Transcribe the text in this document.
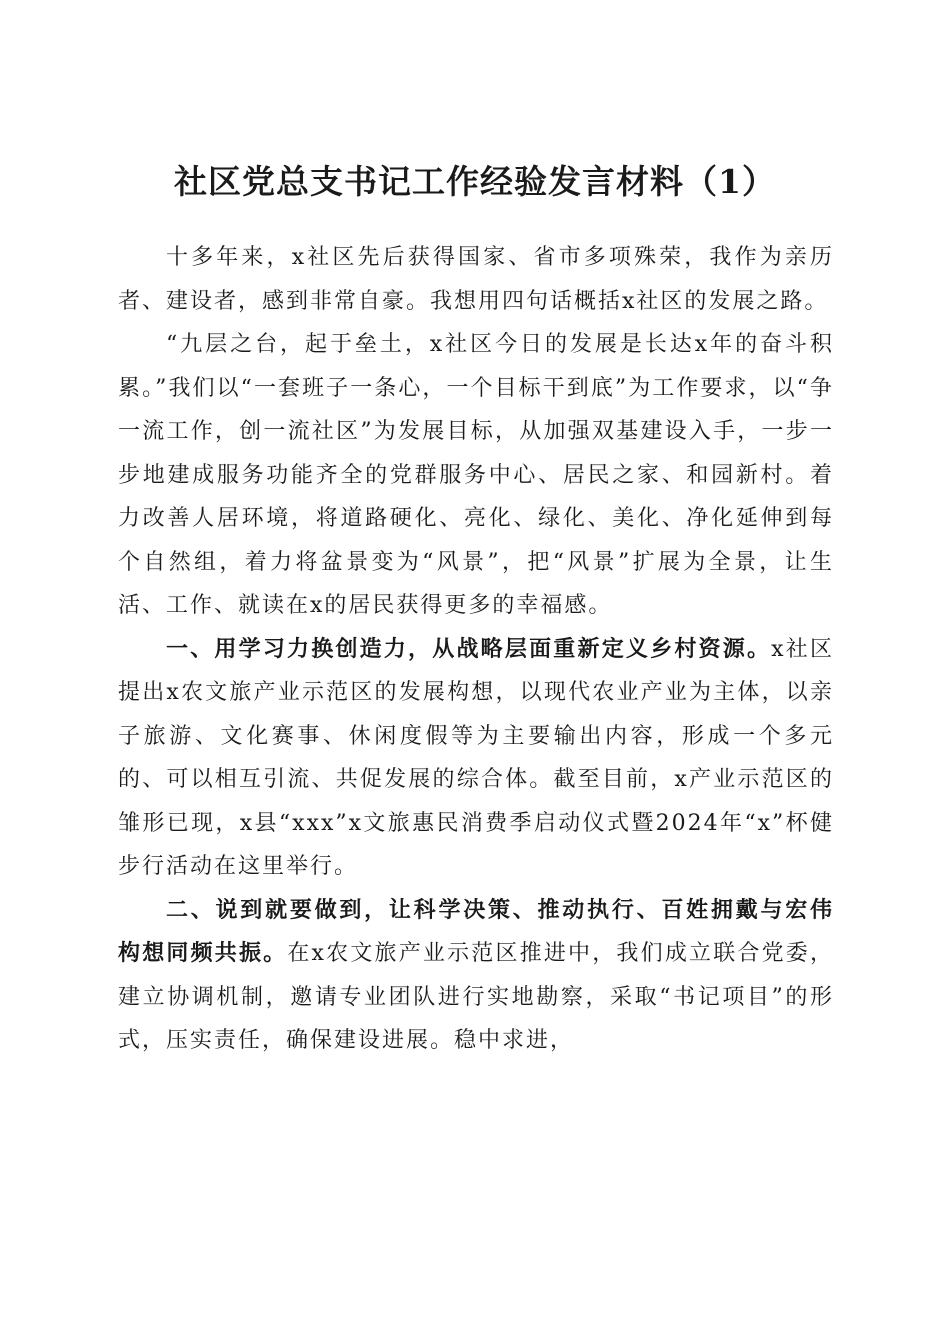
社区党总支书记工作经验发言材料（1）

十多年来，x社区先后获得国家、省市多项殊荣，我作为亲历者、建设者，感到非常自豪。我想用四句话概括x社区的发展之路。

“九层之台，起于垒土，x社区今日的发展是长达x年的奋斗积累。”我们以“一套班子一条心，一个目标干到底”为工作要求，以“争一流工作，创一流社区”为发展目标，从加强双基建设入手，一步一步地建成服务功能齐全的党群服务中心、居民之家、和园新村。着力改善人居环境，将道路硬化、亮化、绿化、美化、净化延伸到每个自然组，着力将盆景变为“风景”，把“风景”扩展为全景，让生活、工作、就读在x的居民获得更多的幸福感。

一、用学习力换创造力，从战略层面重新定义乡村资源。x社区提出x农文旅产业示范区的发展构想，以现代农业产业为主体，以亲子旅游、文化赛事、休闲度假等为主要输出内容，形成一个多元的、可以相互引流、共促发展的综合体。截至目前，x产业示范区的雏形已现，x县“xxx”x文旅惠民消费季启动仪式暨2024年“x”杯健步行活动在这里举行。

二、说到就要做到，让科学决策、推动执行、百姓拥戴与宏伟构想同频共振。在x农文旅产业示范区推进中，我们成立联合党委，建立协调机制，邀请专业团队进行实地勘察，采取“书记项目”的形式，压实责任，确保建设进展。稳中求进，
